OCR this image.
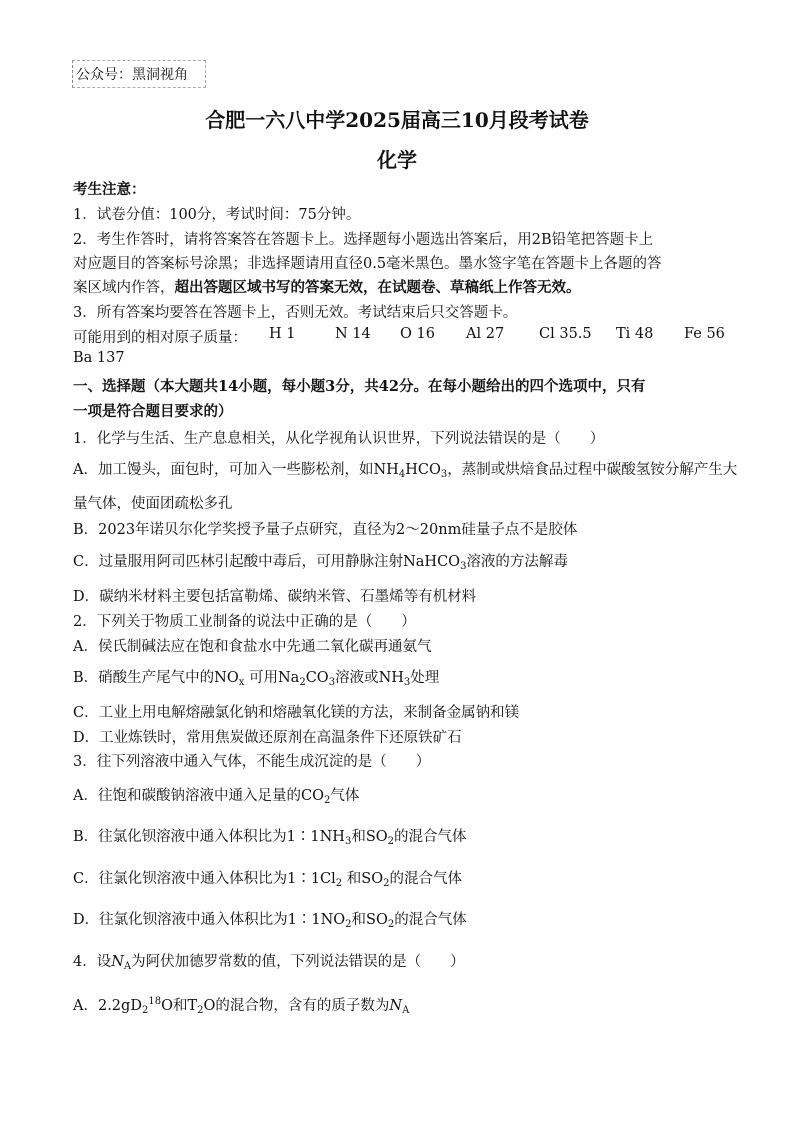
公众号：黑洞视角
合肥一六八中学2025届高三10月段考试卷
化学
考生注意：
1．试卷分值：100分，考试时间：75分钟。
2．考生作答时，请将答案答在答题卡上。选择题每小题选出答案后，用2B铅笔把答题卡上
对应题目的答案标号涂黑；非选择题请用直径0.5毫米黑色。墨水签字笔在答题卡上各题的答
案区域内作答，超出答题区域书写的答案无效，在试题卷、草稿纸上作答无效。
3．所有答案均要答在答题卡上，否则无效。考试结束后只交答题卡。
可能用到的相对原子质量： H 1	N 14 O 16 Al 27 Cl 35.5 Ti 48 Fe 56
Ba 137
一、选择题（本大题共14小题，每小题3分，共42分。在每小题给出的四个选项中，只有
一项是符合题目要求的）
1．化学与生活、生产息息相关，从化学视角认识世界，下列说法错误的是（　　）
A．加工馒头，面包时，可加入一些膨松剂，如$NH_4HCO_3$，蒸制或烘焙食品过程中碳酸氢铵分解产生大
量气体，使面团疏松多孔
B．2023年诺贝尔化学奖授予量子点研究，直径为2～20nm硅量子点不是胶体
C．过量服用阿司匹林引起酸中毒后，可用静脉注射NaHCO$_3$溶液的方法解毒
D．碳纳米材料主要包括富勒烯、碳纳米管、石墨烯等有机材料
2．下列关于物质工业制备的说法中正确的是（　　）
A．侯氏制碱法应在饱和食盐水中先通二氧化碳再通氨气
B．硝酸生产尾气中的$NO_x$ 可用$Na_2CO_3$溶液或$NH_3$处理
C．工业上用电解熔融氯化钠和熔融氧化镁的方法，来制备金属钠和镁
D．工业炼铁时，常用焦炭做还原剂在高温条件下还原铁矿石
3．往下列溶液中通入气体，不能生成沉淀的是（　　）
A．往饱和碳酸钠溶液中通入足量的$CO_2$气体
B．往氯化钡溶液中通入体积比为$1∶1NH_3$和$SO_2$的混合气体
C．往氯化钡溶液中通入体积比为$1∶1Cl_2$ 和$SO_2$的混合气体
D．往氯化钡溶液中通入体积比为$1∶1NO_2$和$SO_2$的混合气体
4．设$N_A$为阿伏加德罗常数的值，下列说法错误的是（　　）
A．$2.2gD_2^{18}O$和$T_2O$的混合物，含有的质子数为$N_A$
